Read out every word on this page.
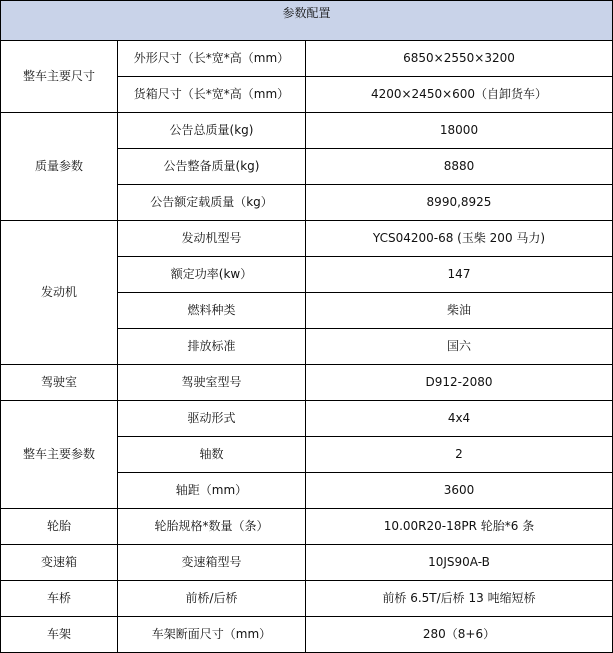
参数配置		
整车主要尺寸	外形尺寸（长*宽*高（mm）	6850×2550×3200
	货箱尺寸（长*宽*高（mm）	4200×2450×600（自卸货车）
质量参数	公告总质量(kg)	18000
	公告整备质量(kg)	8880
	公告额定载质量（kg）	8990,8925
发动机	发动机型号	YCS04200-68 (玉柴 200 马力)
	额定功率(kw）	147
	燃料种类	柴油
	排放标准	国六
驾驶室	驾驶室型号	D912-2080
整车主要参数	驱动形式	4x4
	轴数	2
	轴距（mm）	3600
轮胎	轮胎规格*数量（条）	10.00R20-18PR 轮胎*6 条
变速箱	变速箱型号	10JS90A-B
车桥	前桥/后桥	前桥 6.5T/后桥 13 吨缩短桥
车架	车架断面尺寸（mm）	280（8+6）
